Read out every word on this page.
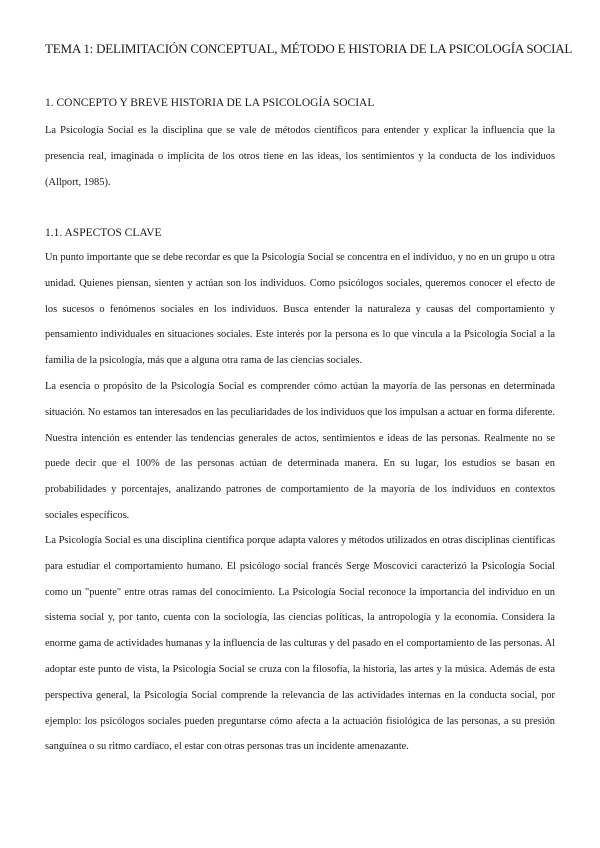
TEMA 1: DELIMITACIÓN CONCEPTUAL, MÉTODO E HISTORIA DE LA PSICOLOGÍA SOCIAL
1. CONCEPTO Y BREVE HISTORIA DE LA PSICOLOGÍA SOCIAL

La Psicología Social es la disciplina que se vale de métodos científicos para entender y explicar la influencia que la presencia real, imaginada o implícita de los otros tiene en las ideas, los sentimientos y la conducta de los individuos (Allport, 1985).

1.1. ASPECTOS CLAVE

Un punto importante que se debe recordar es que la Psicología Social se concentra en el individuo, y no en un grupo u otra unidad. Quienes piensan, sienten y actúan son los individuos. Como psicólogos sociales, queremos conocer el efecto de los sucesos o fenómenos sociales en los individuos. Busca entender la naturaleza y causas del comportamiento y pensamiento individuales en situaciones sociales. Este interés por la persona es lo que vincula a la Psicología Social a la familia de la psicología, más que a alguna otra rama de las ciencias sociales.

La esencia o propósito de la Psicología Social es comprender cómo actúan la mayoría de las personas en determinada situación. No estamos tan interesados en las peculiaridades de los individuos que los impulsan a actuar en forma diferente. Nuestra intención es entender las tendencias generales de actos, sentimientos e ideas de las personas. Realmente no se puede decir que el 100% de las personas actúan de determinada manera. En su lugar, los estudios se basan en probabilidades y porcentajes, analizando patrones de comportamiento de la mayoría de los individuos en contextos sociales específicos.

La Psicología Social es una disciplina científica porque adapta valores y métodos utilizados en otras disciplinas científicas para estudiar el comportamiento humano. El psicólogo social francés Serge Moscovici caracterizó la Psicología Social como un "puente" entre otras ramas del conocimiento. La Psicología Social reconoce la importancia del individuo en un sistema social y, por tanto, cuenta con la sociología, las ciencias políticas, la antropología y la economía. Considera la enorme gama de actividades humanas y la influencia de las culturas y del pasado en el comportamiento de las personas. Al adoptar este punto de vista, la Psicología Social se cruza con la filosofía, la historia, las artes y la música. Además de esta perspectiva general, la Psicología Social comprende la relevancia de las actividades internas en la conducta social, por ejemplo: los psicólogos sociales pueden preguntarse cómo afecta a la actuación fisiológica de las personas, a su presión sanguínea o su ritmo cardíaco, el estar con otras personas tras un incidente amenazante.
